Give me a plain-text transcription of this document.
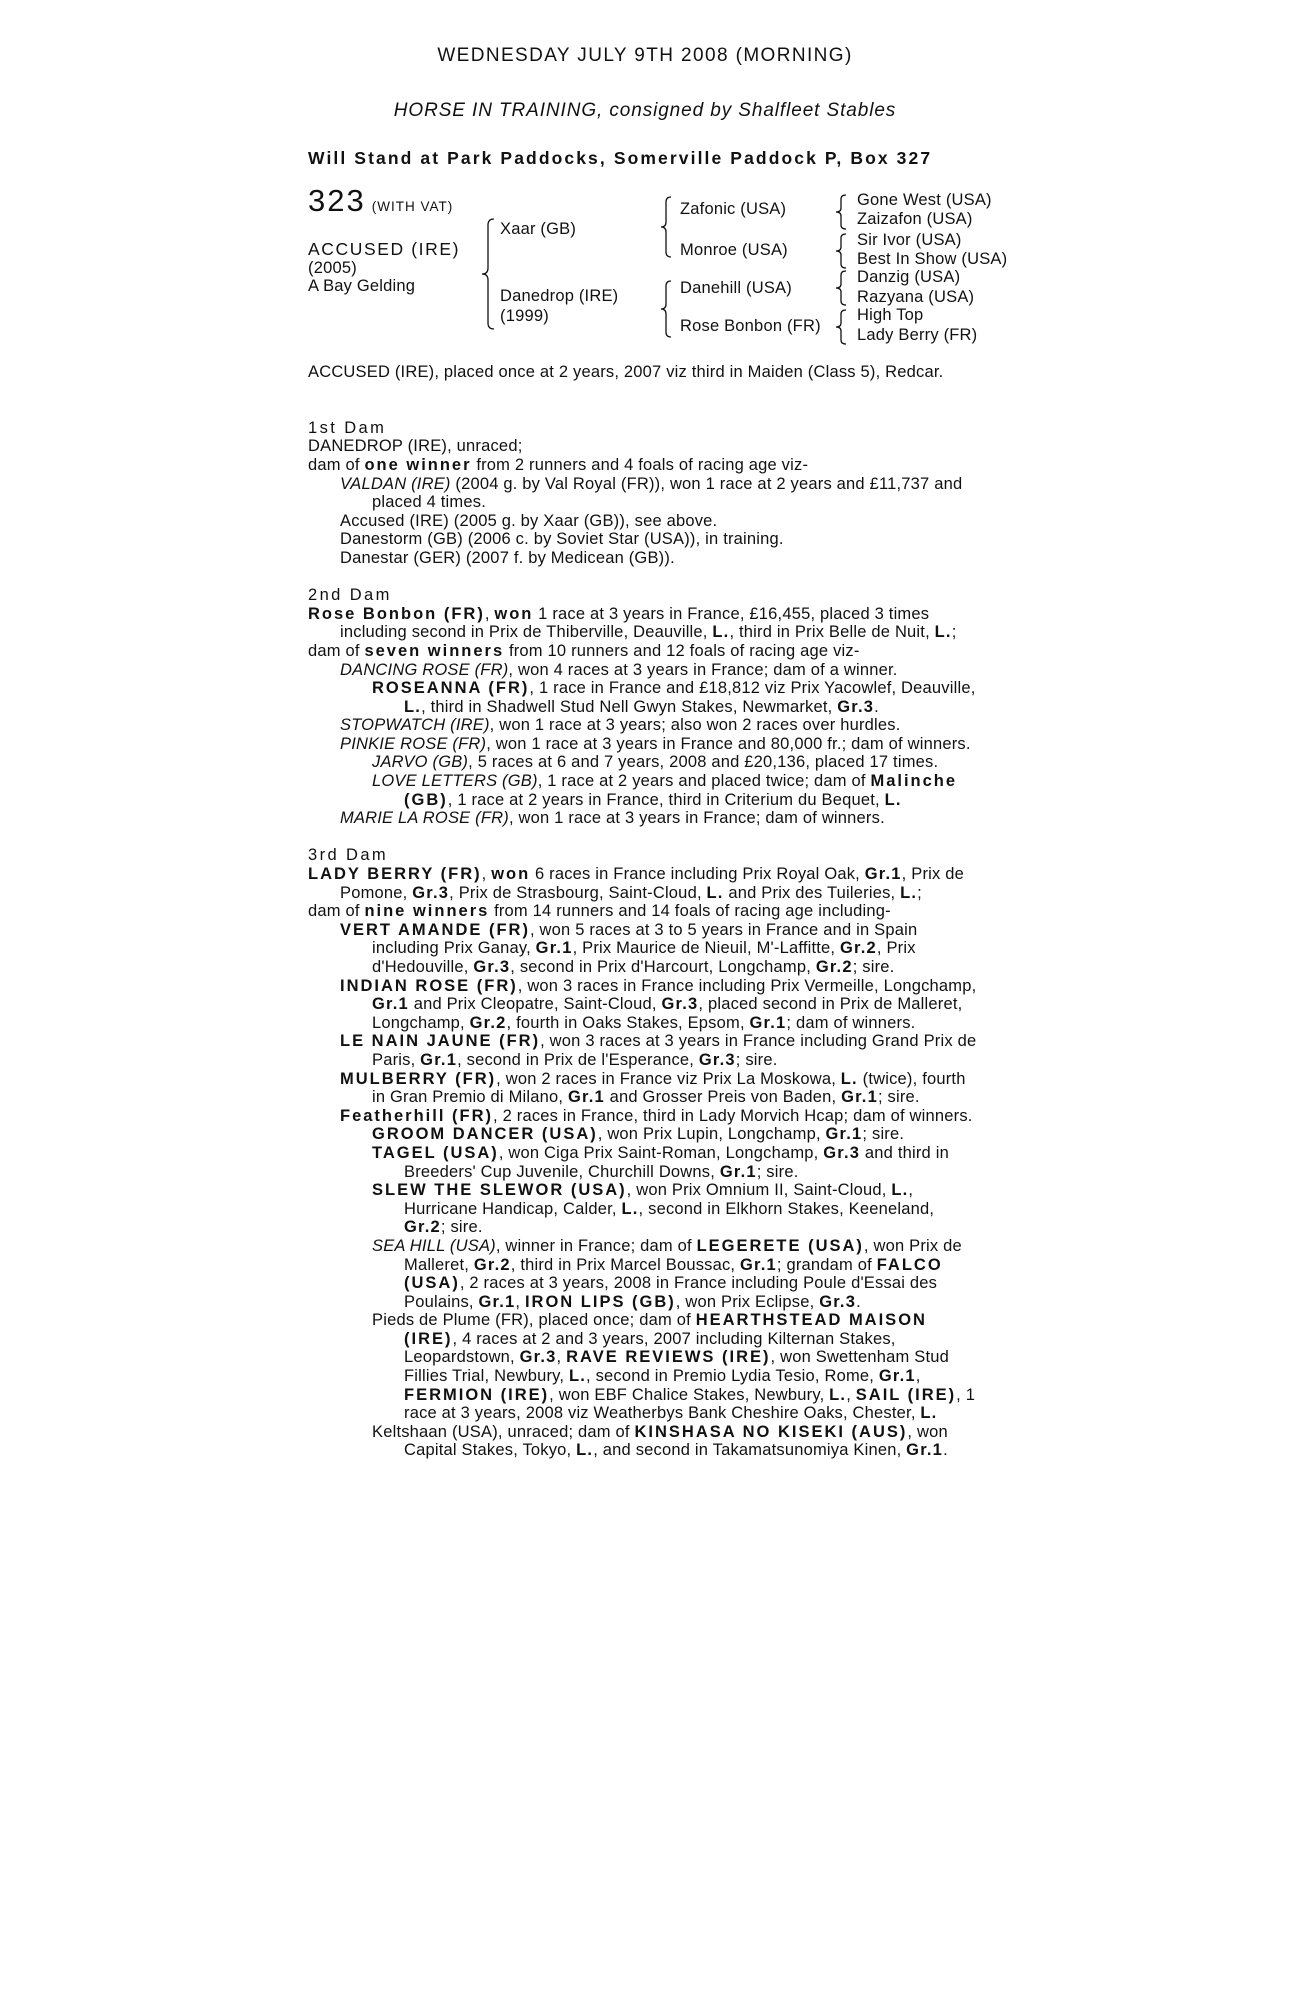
WEDNESDAY JULY 9TH 2008 (MORNING)
HORSE IN TRAINING, consigned by Shalfleet Stables
Will Stand at Park Paddocks, Somerville Paddock P, Box 327
323 (WITH VAT)
ACCUSED (IRE)
(2005)
A Bay Gelding
Xaar (GB)
Danedrop (IRE)
(1999)
Zafonic (USA)
Monroe (USA)
Danehill (USA)
Rose Bonbon (FR)
Gone West (USA)
Zaizafon (USA)
Sir Ivor (USA)
Best In Show (USA)
Danzig (USA)
Razyana (USA)
High Top
Lady Berry (FR)

ACCUSED (IRE), placed once at 2 years, 2007 viz third in Maiden (Class 5), Redcar.

1st Dam

DANEDROP (IRE), unraced;

dam of one winner from 2 runners and 4 foals of racing age viz-

VALDAN (IRE) (2004 g. by Val Royal (FR)), won 1 race at 2 years and £11,737 and placed 4 times.

Accused (IRE) (2005 g. by Xaar (GB)), see above.

Danestorm (GB) (2006 c. by Soviet Star (USA)), in training.

Danestar (GER) (2007 f. by Medicean (GB)).

2nd Dam

Rose Bonbon (FR), won 1 race at 3 years in France, £16,455, placed 3 times including second in Prix de Thiberville, Deauville, L., third in Prix Belle de Nuit, L.;

dam of seven winners from 10 runners and 12 foals of racing age viz-

DANCING ROSE (FR), won 4 races at 3 years in France; dam of a winner.

ROSEANNA (FR), 1 race in France and £18,812 viz Prix Yacowlef, Deauville, L., third in Shadwell Stud Nell Gwyn Stakes, Newmarket, Gr.3.

STOPWATCH (IRE), won 1 race at 3 years; also won 2 races over hurdles.

PINKIE ROSE (FR), won 1 race at 3 years in France and 80,000 fr.; dam of winners.

JARVO (GB), 5 races at 6 and 7 years, 2008 and £20,136, placed 17 times.

LOVE LETTERS (GB), 1 race at 2 years and placed twice; dam of Malinche (GB), 1 race at 2 years in France, third in Criterium du Bequet, L.

MARIE LA ROSE (FR), won 1 race at 3 years in France; dam of winners.

3rd Dam

LADY BERRY (FR), won 6 races in France including Prix Royal Oak, Gr.1, Prix de Pomone, Gr.3, Prix de Strasbourg, Saint-Cloud, L. and Prix des Tuileries, L.;

dam of nine winners from 14 runners and 14 foals of racing age including-

VERT AMANDE (FR), won 5 races at 3 to 5 years in France and in Spain including Prix Ganay, Gr.1, Prix Maurice de Nieuil, M'-Laffitte, Gr.2, Prix d'Hedouville, Gr.3, second in Prix d'Harcourt, Longchamp, Gr.2; sire.

INDIAN ROSE (FR), won 3 races in France including Prix Vermeille, Longchamp, Gr.1 and Prix Cleopatre, Saint-Cloud, Gr.3, placed second in Prix de Malleret, Longchamp, Gr.2, fourth in Oaks Stakes, Epsom, Gr.1; dam of winners.

LE NAIN JAUNE (FR), won 3 races at 3 years in France including Grand Prix de Paris, Gr.1, second in Prix de l'Esperance, Gr.3; sire.

MULBERRY (FR), won 2 races in France viz Prix La Moskowa, L. (twice), fourth in Gran Premio di Milano, Gr.1 and Grosser Preis von Baden, Gr.1; sire.

Featherhill (FR), 2 races in France, third in Lady Morvich Hcap; dam of winners.

GROOM DANCER (USA), won Prix Lupin, Longchamp, Gr.1; sire.

TAGEL (USA), won Ciga Prix Saint-Roman, Longchamp, Gr.3 and third in Breeders' Cup Juvenile, Churchill Downs, Gr.1; sire.

SLEW THE SLEWOR (USA), won Prix Omnium II, Saint-Cloud, L., Hurricane Handicap, Calder, L., second in Elkhorn Stakes, Keeneland, Gr.2; sire.

SEA HILL (USA), winner in France; dam of LEGERETE (USA), won Prix de Malleret, Gr.2, third in Prix Marcel Boussac, Gr.1; grandam of FALCO (USA), 2 races at 3 years, 2008 in France including Poule d'Essai des Poulains, Gr.1, IRON LIPS (GB), won Prix Eclipse, Gr.3.

Pieds de Plume (FR), placed once; dam of HEARTHSTEAD MAISON (IRE), 4 races at 2 and 3 years, 2007 including Kilternan Stakes, Leopardstown, Gr.3, RAVE REVIEWS (IRE), won Swettenham Stud Fillies Trial, Newbury, L., second in Premio Lydia Tesio, Rome, Gr.1, FERMION (IRE), won EBF Chalice Stakes, Newbury, L., SAIL (IRE), 1 race at 3 years, 2008 viz Weatherbys Bank Cheshire Oaks, Chester, L.

Keltshaan (USA), unraced; dam of KINSHASA NO KISEKI (AUS), won Capital Stakes, Tokyo, L., and second in Takamatsunomiya Kinen, Gr.1.
